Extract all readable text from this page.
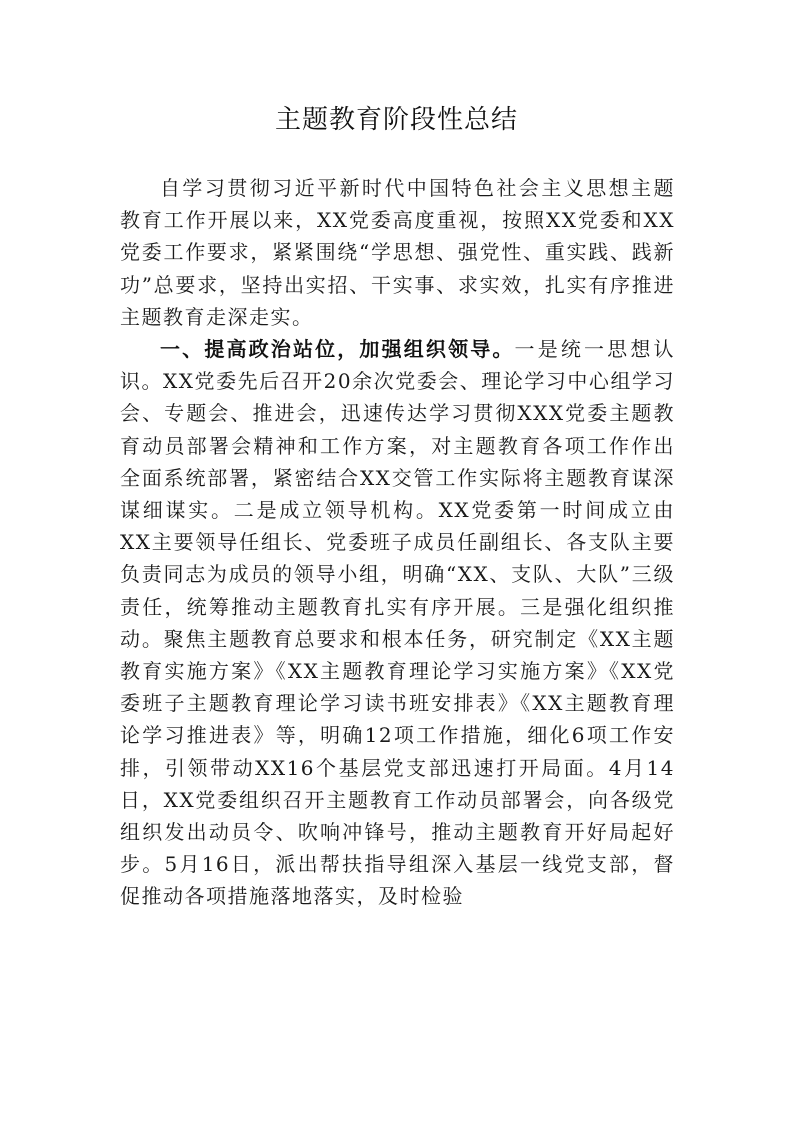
主题教育阶段性总结

自学习贯彻习近平新时代中国特色社会主义思想主题教育工作开展以来，XX党委高度重视，按照XX党委和XX党委工作要求，紧紧围绕“学思想、强党性、重实践、践新功”总要求，坚持出实招、干实事、求实效，扎实有序推进主题教育走深走实。

一、提高政治站位，加强组织领导。一是统一思想认识。XX党委先后召开20余次党委会、理论学习中心组学习会、专题会、推进会，迅速传达学习贯彻XXX党委主题教育动员部署会精神和工作方案，对主题教育各项工作作出全面系统部署，紧密结合XX交管工作实际将主题教育谋深谋细谋实。二是成立领导机构。XX党委第一时间成立由XX主要领导任组长、党委班子成员任副组长、各支队主要负责同志为成员的领导小组，明确“XX、支队、大队”三级责任，统筹推动主题教育扎实有序开展。三是强化组织推动。聚焦主题教育总要求和根本任务，研究制定《XX主题教育实施方案》《XX主题教育理论学习实施方案》《XX党委班子主题教育理论学习读书班安排表》《XX主题教育理论学习推进表》等，明确12项工作措施，细化6项工作安排，引领带动XX16个基层党支部迅速打开局面。4月14日，XX党委组织召开主题教育工作动员部署会，向各级党组织发出动员令、吹响冲锋号，推动主题教育开好局起好步。5月16日，派出帮扶指导组深入基层一线党支部，督促推动各项措施落地落实，及时检验
